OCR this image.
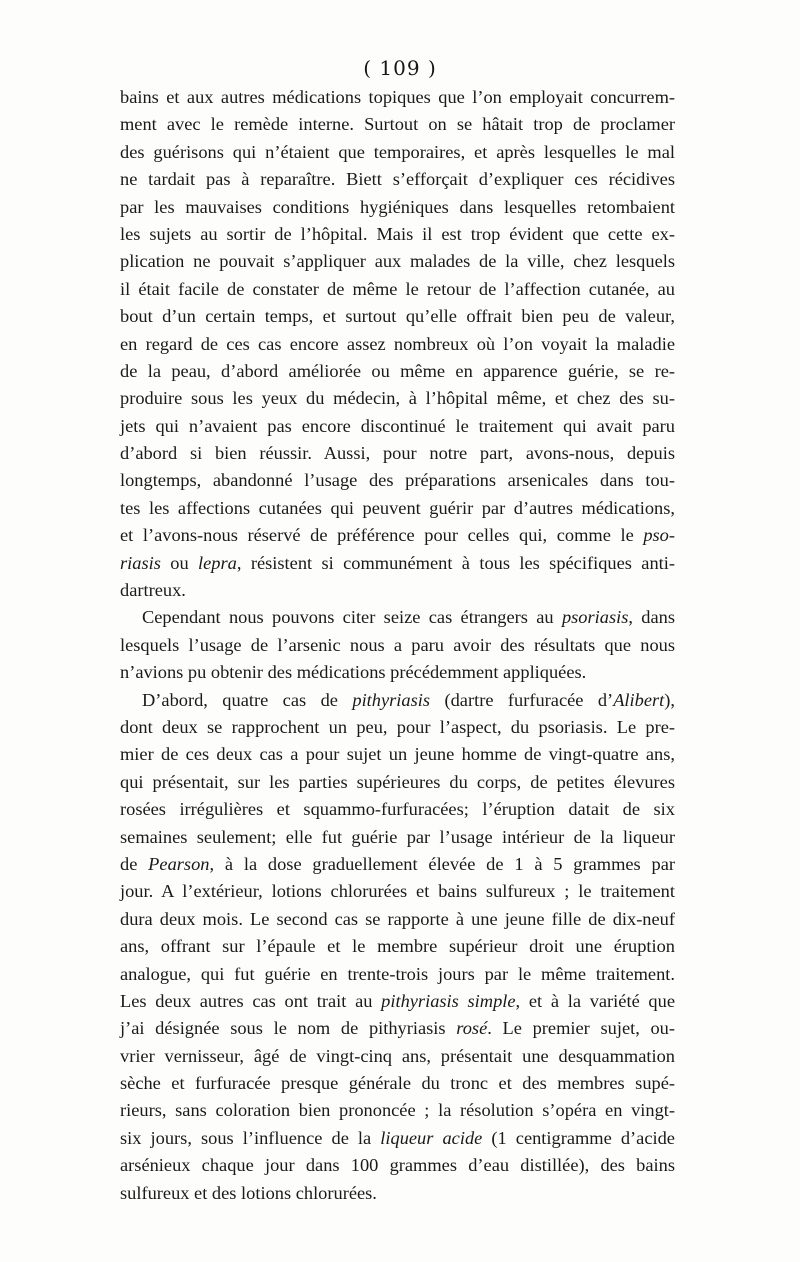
( 109 )
bains et aux autres médications topiques que l’on employait concurrem-
ment avec le remède interne. Surtout on se hâtait trop de proclamer
des guérisons qui n’étaient que temporaires, et après lesquelles le mal
ne tardait pas à reparaître. Biett s’efforçait d’expliquer ces récidives
par les mauvaises conditions hygiéniques dans lesquelles retombaient
les sujets au sortir de l’hôpital. Mais il est trop évident que cette ex-
plication ne pouvait s’appliquer aux malades de la ville, chez lesquels
il était facile de constater de même le retour de l’affection cutanée, au
bout d’un certain temps, et surtout qu’elle offrait bien peu de valeur,
en regard de ces cas encore assez nombreux où l’on voyait la maladie
de la peau, d’abord améliorée ou même en apparence guérie, se re-
produire sous les yeux du médecin, à l’hôpital même, et chez des su-
jets qui n’avaient pas encore discontinué le traitement qui avait paru
d’abord si bien réussir. Aussi, pour notre part, avons-nous, depuis
longtemps, abandonné l’usage des préparations arsenicales dans tou-
tes les affections cutanées qui peuvent guérir par d’autres médications,
et l’avons-nous réservé de préférence pour celles qui, comme le pso-
riasis ou lepra, résistent si communément à tous les spécifiques anti-
dartreux.
Cependant nous pouvons citer seize cas étrangers au psoriasis, dans
lesquels l’usage de l’arsenic nous a paru avoir des résultats que nous
n’avions pu obtenir des médications précédemment appliquées.
D’abord, quatre cas de pithyriasis (dartre furfuracée d’Alibert),
dont deux se rapprochent un peu, pour l’aspect, du psoriasis. Le pre-
mier de ces deux cas a pour sujet un jeune homme de vingt-quatre ans,
qui présentait, sur les parties supérieures du corps, de petites élevures
rosées irrégulières et squammo-furfuracées; l’éruption datait de six
semaines seulement; elle fut guérie par l’usage intérieur de la liqueur
de Pearson, à la dose graduellement élevée de 1 à 5 grammes par
jour. A l’extérieur, lotions chlorurées et bains sulfureux ; le traitement
dura deux mois. Le second cas se rapporte à une jeune fille de dix-neuf
ans, offrant sur l’épaule et le membre supérieur droit une éruption
analogue, qui fut guérie en trente-trois jours par le même traitement.
Les deux autres cas ont trait au pithyriasis simple, et à la variété que
j’ai désignée sous le nom de pithyriasis rosé. Le premier sujet, ou-
vrier vernisseur, âgé de vingt-cinq ans, présentait une desquammation
sèche et furfuracée presque générale du tronc et des membres supé-
rieurs, sans coloration bien prononcée ; la résolution s’opéra en vingt-
six jours, sous l’influence de la liqueur acide (1 centigramme d’acide
arsénieux chaque jour dans 100 grammes d’eau distillée), des bains
sulfureux et des lotions chlorurées.
